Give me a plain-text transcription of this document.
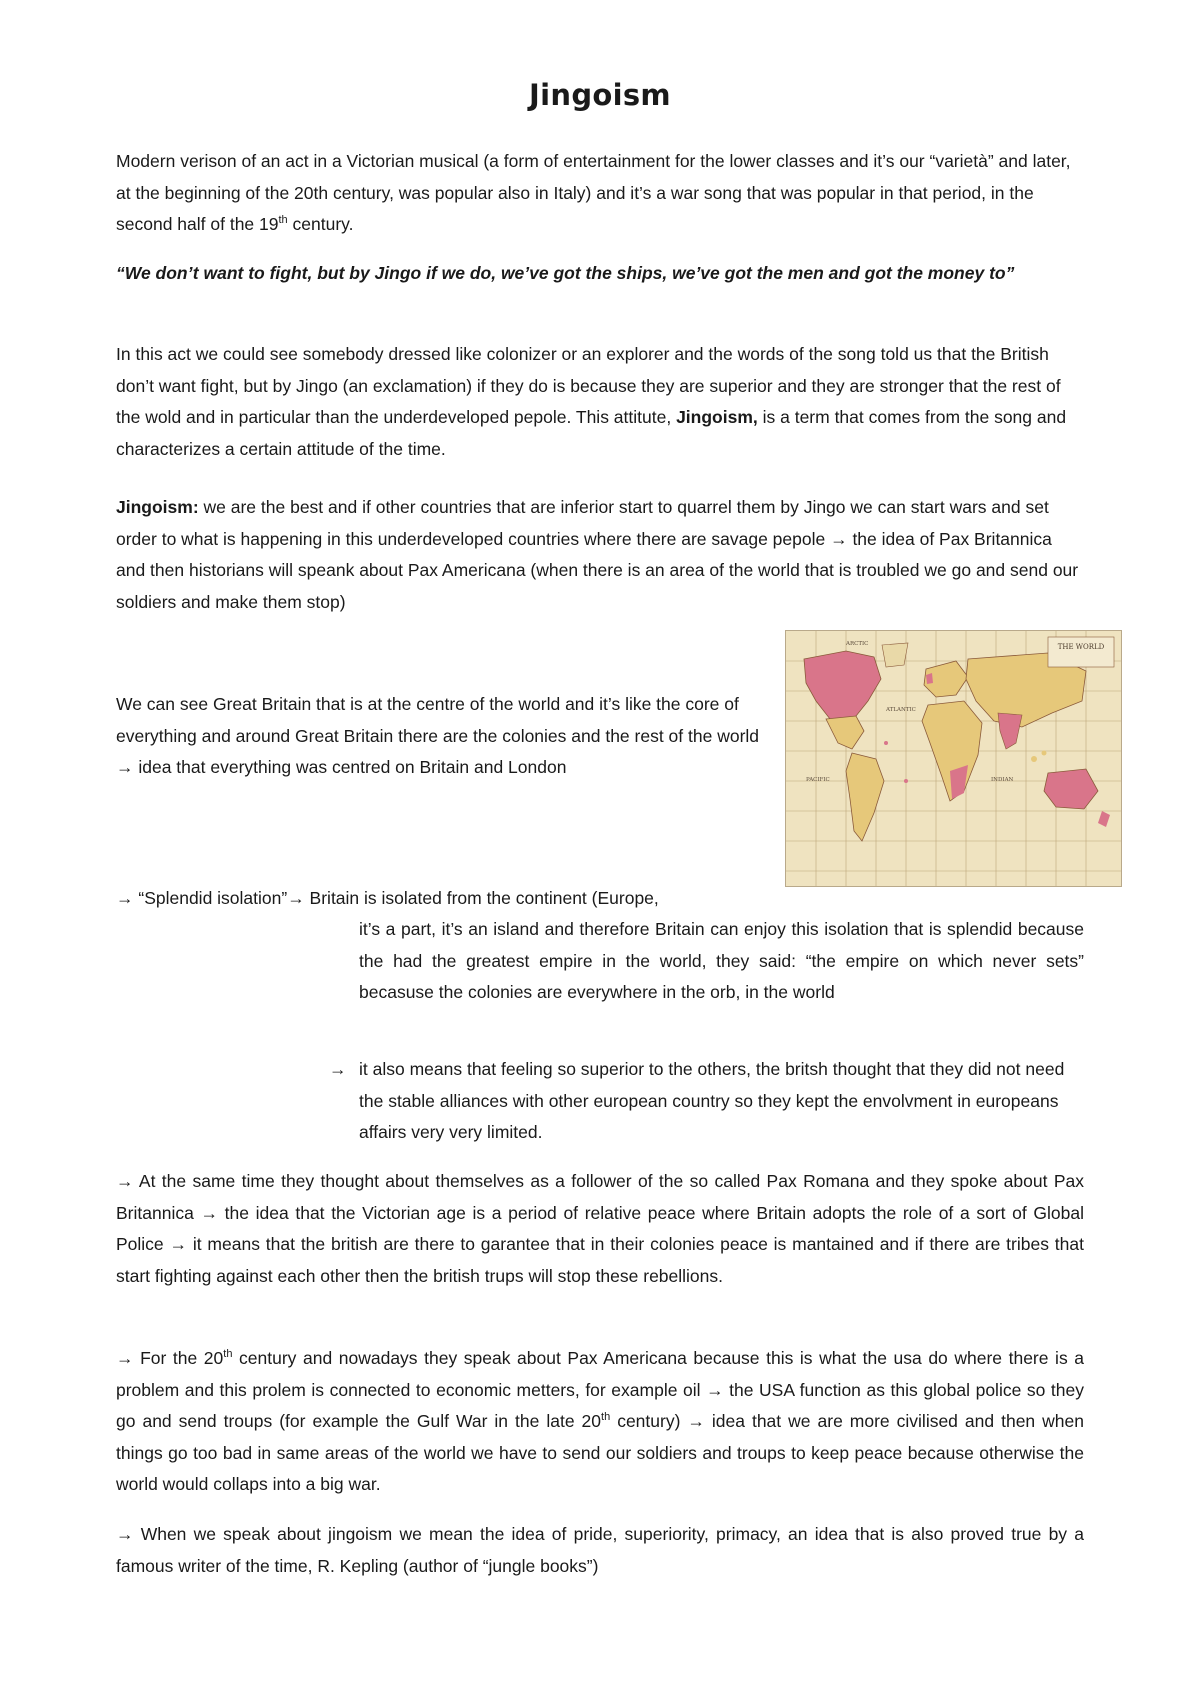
Jingoism

Modern verison of an act in a Victorian musical (a form of entertainment for the lower classes and it’s our “varietà” and later, at the beginning of the 20th century, was popular also in Italy) and it’s a war song that was popular in that period, in the second half of the 19th century.

“We don’t want to fight, but by Jingo if we do, we’ve got the ships, we’ve got the men and got the money to”

In this act we could see somebody dressed like colonizer or an explorer and the words of the song told us that the British don’t want fight, but by Jingo (an exclamation) if they do is because they are superior and they are stronger that the rest of the wold and in particular than the underdeveloped pepole. This attitute, Jingoism, is a term that comes from the song and characterizes a certain attitude of the time.

Jingoism: we are the best and if other countries that are inferior start to quarrel them by Jingo we can start wars and set order to what is happening in this underdeveloped countries where there are savage pepole → the idea of Pax Britannica and then historians will speank about Pax Americana (when there is an area of the world that is troubled we go and send our soldiers and make them stop)

We can see Great Britain that is at the centre of the world and it’s like the core of everything and around Great Britain there are the colonies and the rest of the world → idea that everything was centred on Britain and London

THE WORLD
ARCTIC
ATLANTIC
PACIFIC	INDIAN

→ “Splendid isolation”→ Britain is isolated from the continent (Europe,

it’s a part, it’s an island and therefore Britain can enjoy this isolation that is splendid because the had the greatest empire in the world, they said: “the empire on which never sets” becasuse the colonies are everywhere in the orb, in the world

→ it also means that feeling so superior to the others, the britsh thought that they did not need the stable alliances with other european country so they kept the envolvment in europeans affairs very very limited.

→ At the same time they thought about themselves as a follower of the so called Pax Romana and they spoke about Pax Britannica → the idea that the Victorian age is a period of relative peace where Britain adopts the role of a sort of Global Police → it means that the british are there to garantee that in their colonies peace is mantained and if there are tribes that start fighting against each other then the british trups will stop these rebellions.

→ For the 20th century and nowadays they speak about Pax Americana because this is what the usa do where there is a problem and this prolem is connected to economic metters, for example oil → the USA function as this global police so they go and send troups (for example the Gulf War in the late 20th century) → idea that we are more civilised and then when things go too bad in same areas of the world we have to send our soldiers and troups to keep peace because otherwise the world would collaps into a big war.

→ When we speak about jingoism we mean the idea of pride, superiority, primacy, an idea that is also proved true by a famous writer of the time, R. Kepling (author of “jungle books”)
